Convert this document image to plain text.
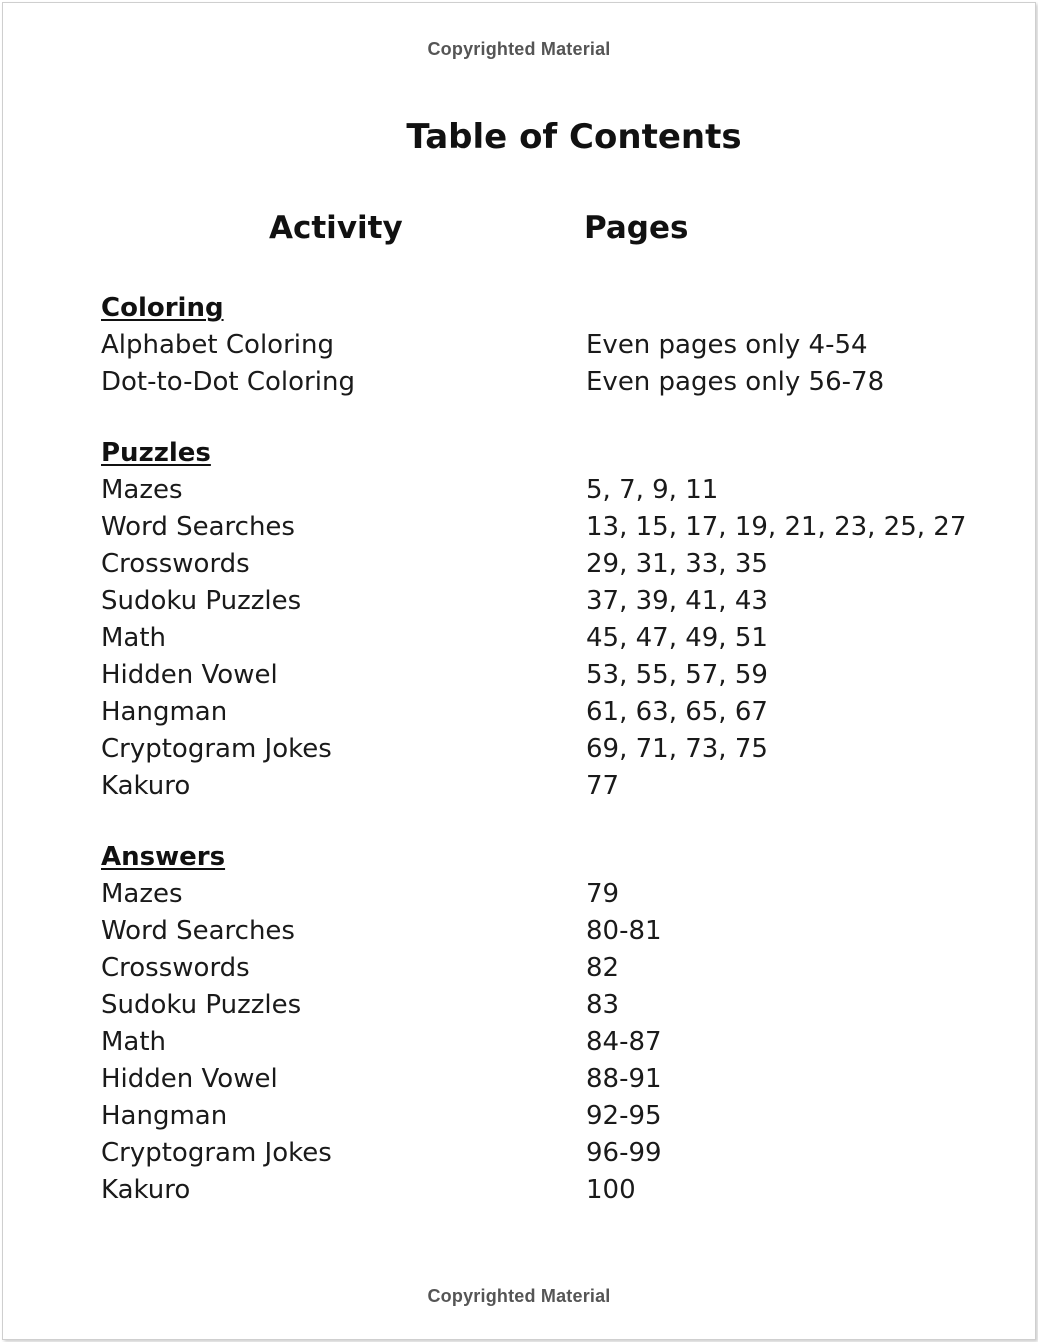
Copyrighted Material
Table of Contents
Activity	Pages
Coloring
Alphabet Coloring	Even pages only 4-54
Dot-to-Dot Coloring	Even pages only 56-78
Puzzles
Mazes	5, 7, 9, 11
Word Searches	13, 15, 17, 19, 21, 23, 25, 27
Crosswords	29, 31, 33, 35
Sudoku Puzzles	37, 39, 41, 43
Math	45, 47, 49, 51
Hidden Vowel	53, 55, 57, 59
Hangman	61, 63, 65, 67
Cryptogram Jokes	69, 71, 73, 75
Kakuro	77
Answers
Mazes	79
Word Searches	80-81
Crosswords	82
Sudoku Puzzles	83
Math	84-87
Hidden Vowel	88-91
Hangman	92-95
Cryptogram Jokes	96-99
Kakuro	100
Copyrighted Material
